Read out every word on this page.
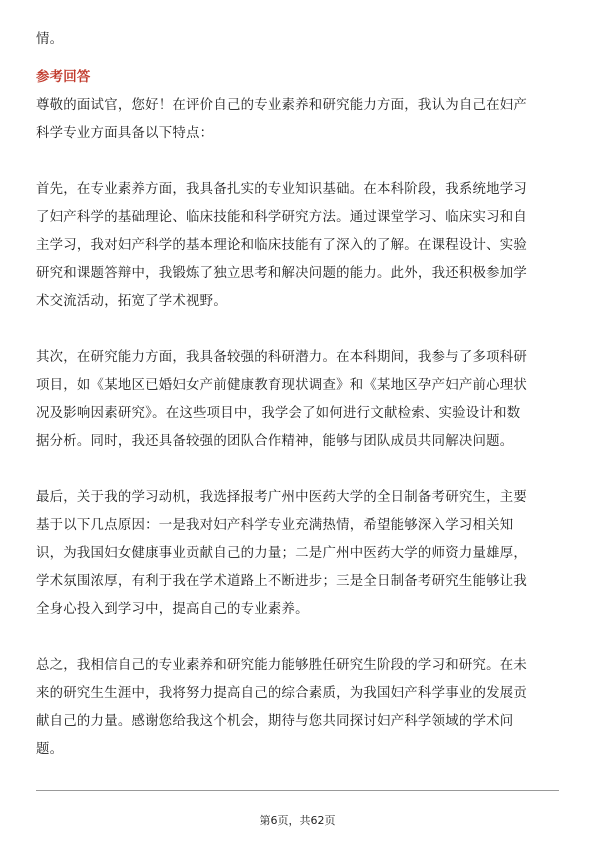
情。
参考回答
尊敬的面试官，您好！在评价自己的专业素养和研究能力方面，我认为自己在妇产
科学专业方面具备以下特点：
首先，在专业素养方面，我具备扎实的专业知识基础。在本科阶段，我系统地学习
了妇产科学的基础理论、临床技能和科学研究方法。通过课堂学习、临床实习和自
主学习，我对妇产科学的基本理论和临床技能有了深入的了解。在课程设计、实验
研究和课题答辩中，我锻炼了独立思考和解决问题的能力。此外，我还积极参加学
术交流活动，拓宽了学术视野。
其次，在研究能力方面，我具备较强的科研潜力。在本科期间，我参与了多项科研
项目，如《某地区已婚妇女产前健康教育现状调查》和《某地区孕产妇产前心理状
况及影响因素研究》。在这些项目中，我学会了如何进行文献检索、实验设计和数
据分析。同时，我还具备较强的团队合作精神，能够与团队成员共同解决问题。
最后，关于我的学习动机，我选择报考广州中医药大学的全日制备考研究生，主要
基于以下几点原因：一是我对妇产科学专业充满热情，希望能够深入学习相关知
识，为我国妇女健康事业贡献自己的力量；二是广州中医药大学的师资力量雄厚，
学术氛围浓厚，有利于我在学术道路上不断进步；三是全日制备考研究生能够让我
全身心投入到学习中，提高自己的专业素养。
总之，我相信自己的专业素养和研究能力能够胜任研究生阶段的学习和研究。在未
来的研究生生涯中，我将努力提高自己的综合素质，为我国妇产科学事业的发展贡
献自己的力量。感谢您给我这个机会，期待与您共同探讨妇产科学领域的学术问
题。
第6页，共62页
